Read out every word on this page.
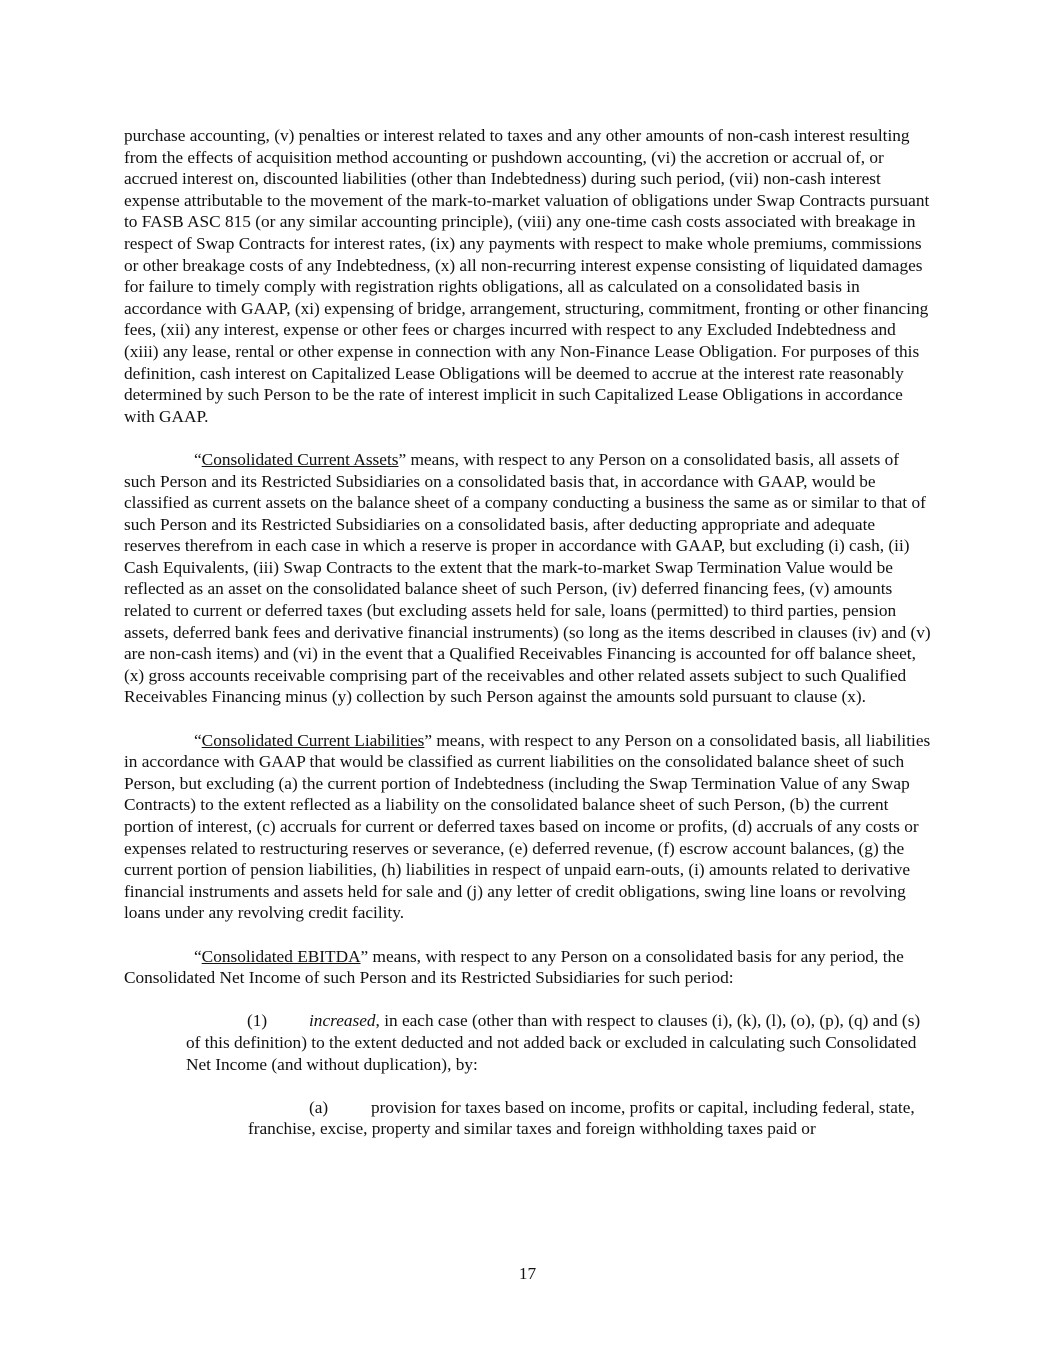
purchase accounting, (v) penalties or interest related to taxes and any other amounts of non-cash interest resulting from the effects of acquisition method accounting or pushdown accounting, (vi) the accretion or accrual of, or accrued interest on, discounted liabilities (other than Indebtedness) during such period, (vii) non-cash interest expense attributable to the movement of the mark-to-market valuation of obligations under Swap Contracts pursuant to FASB ASC 815 (or any similar accounting principle), (viii) any one-time cash costs associated with breakage in respect of Swap Contracts for interest rates, (ix) any payments with respect to make whole premiums, commissions or other breakage costs of any Indebtedness, (x) all non-recurring interest expense consisting of liquidated damages for failure to timely comply with registration rights obligations, all as calculated on a consolidated basis in accordance with GAAP, (xi) expensing of bridge, arrangement, structuring, commitment, fronting or other financing fees, (xii) any interest, expense or other fees or charges incurred with respect to any Excluded Indebtedness and (xiii) any lease, rental or other expense in connection with any Non-Finance Lease Obligation. For purposes of this definition, cash interest on Capitalized Lease Obligations will be deemed to accrue at the interest rate reasonably determined by such Person to be the rate of interest implicit in such Capitalized Lease Obligations in accordance with GAAP.

“Consolidated Current Assets” means, with respect to any Person on a consolidated basis, all assets of such Person and its Restricted Subsidiaries on a consolidated basis that, in accordance with GAAP, would be classified as current assets on the balance sheet of a company conducting a business the same as or similar to that of such Person and its Restricted Subsidiaries on a consolidated basis, after deducting appropriate and adequate reserves therefrom in each case in which a reserve is proper in accordance with GAAP, but excluding (i) cash, (ii) Cash Equivalents, (iii) Swap Contracts to the extent that the mark-to-market Swap Termination Value would be reflected as an asset on the consolidated balance sheet of such Person, (iv) deferred financing fees, (v) amounts related to current or deferred taxes (but excluding assets held for sale, loans (permitted) to third parties, pension assets, deferred bank fees and derivative financial instruments) (so long as the items described in clauses (iv) and (v) are non-cash items) and (vi) in the event that a Qualified Receivables Financing is accounted for off balance sheet, (x) gross accounts receivable comprising part of the receivables and other related assets subject to such Qualified Receivables Financing minus (y) collection by such Person against the amounts sold pursuant to clause (x).

“Consolidated Current Liabilities” means, with respect to any Person on a consolidated basis, all liabilities in accordance with GAAP that would be classified as current liabilities on the consolidated balance sheet of such Person, but excluding (a) the current portion of Indebtedness (including the Swap Termination Value of any Swap Contracts) to the extent reflected as a liability on the consolidated balance sheet of such Person, (b) the current portion of interest, (c) accruals for current or deferred taxes based on income or profits, (d) accruals of any costs or expenses related to restructuring reserves or severance, (e) deferred revenue, (f) escrow account balances, (g) the current portion of pension liabilities, (h) liabilities in respect of unpaid earn-outs, (i) amounts related to derivative financial instruments and assets held for sale and (j) any letter of credit obligations, swing line loans or revolving loans under any revolving credit facility.

“Consolidated EBITDA” means, with respect to any Person on a consolidated basis for any period, the Consolidated Net Income of such Person and its Restricted Subsidiaries for such period:

(1) increased, in each case (other than with respect to clauses (i), (k), (l), (o), (p), (q) and (s) of this definition) to the extent deducted and not added back or excluded in calculating such Consolidated Net Income (and without duplication), by:

(a) provision for taxes based on income, profits or capital, including federal, state, franchise, excise, property and similar taxes and foreign withholding taxes paid or

17
